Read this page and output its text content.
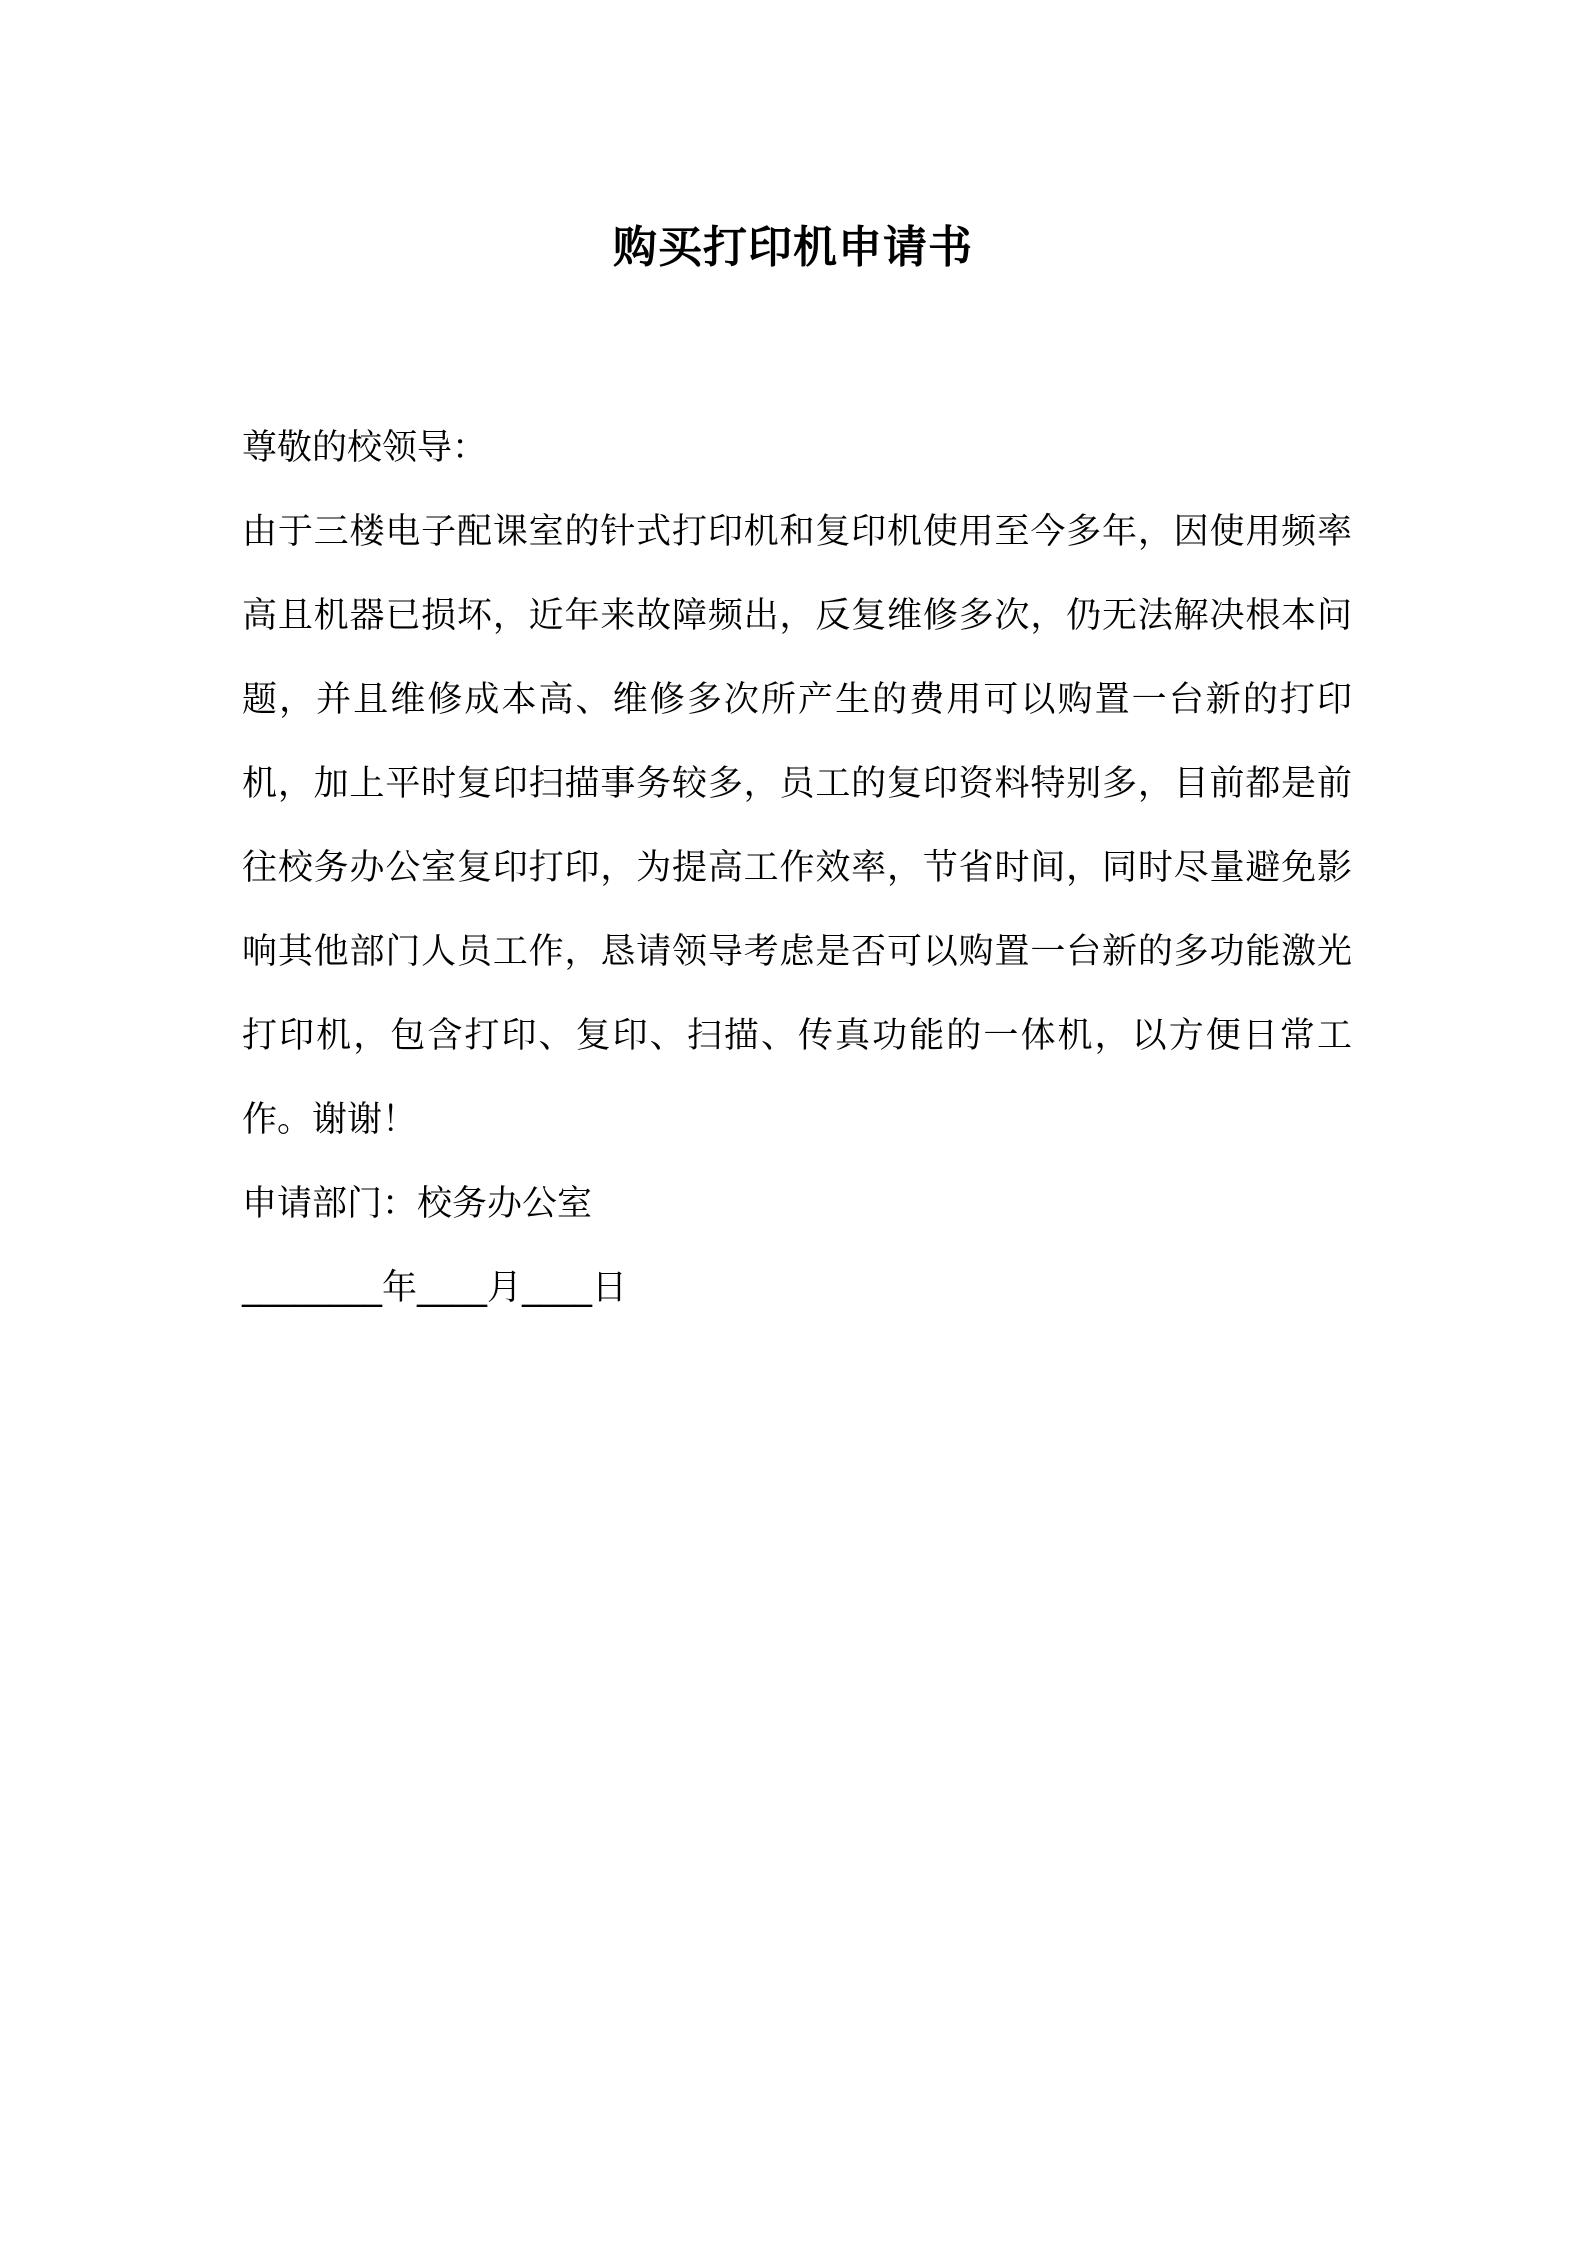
购买打印机申请书

尊敬的校领导：

由于三楼电子配课室的针式打印机和复印机使用至今多年，因使用频率高且机器已损坏，近年来故障频出，反复维修多次，仍无法解决根本问题，并且维修成本高、维修多次所产生的费用可以购置一台新的打印机，加上平时复印扫描事务较多，员工的复印资料特别多，目前都是前往校务办公室复印打印，为提高工作效率，节省时间，同时尽量避免影响其他部门人员工作，恳请领导考虑是否可以购置一台新的多功能激光打印机，包含打印、复印、扫描、传真功能的一体机，以方便日常工作。谢谢！

申请部门：校务办公室

________年____月____日
